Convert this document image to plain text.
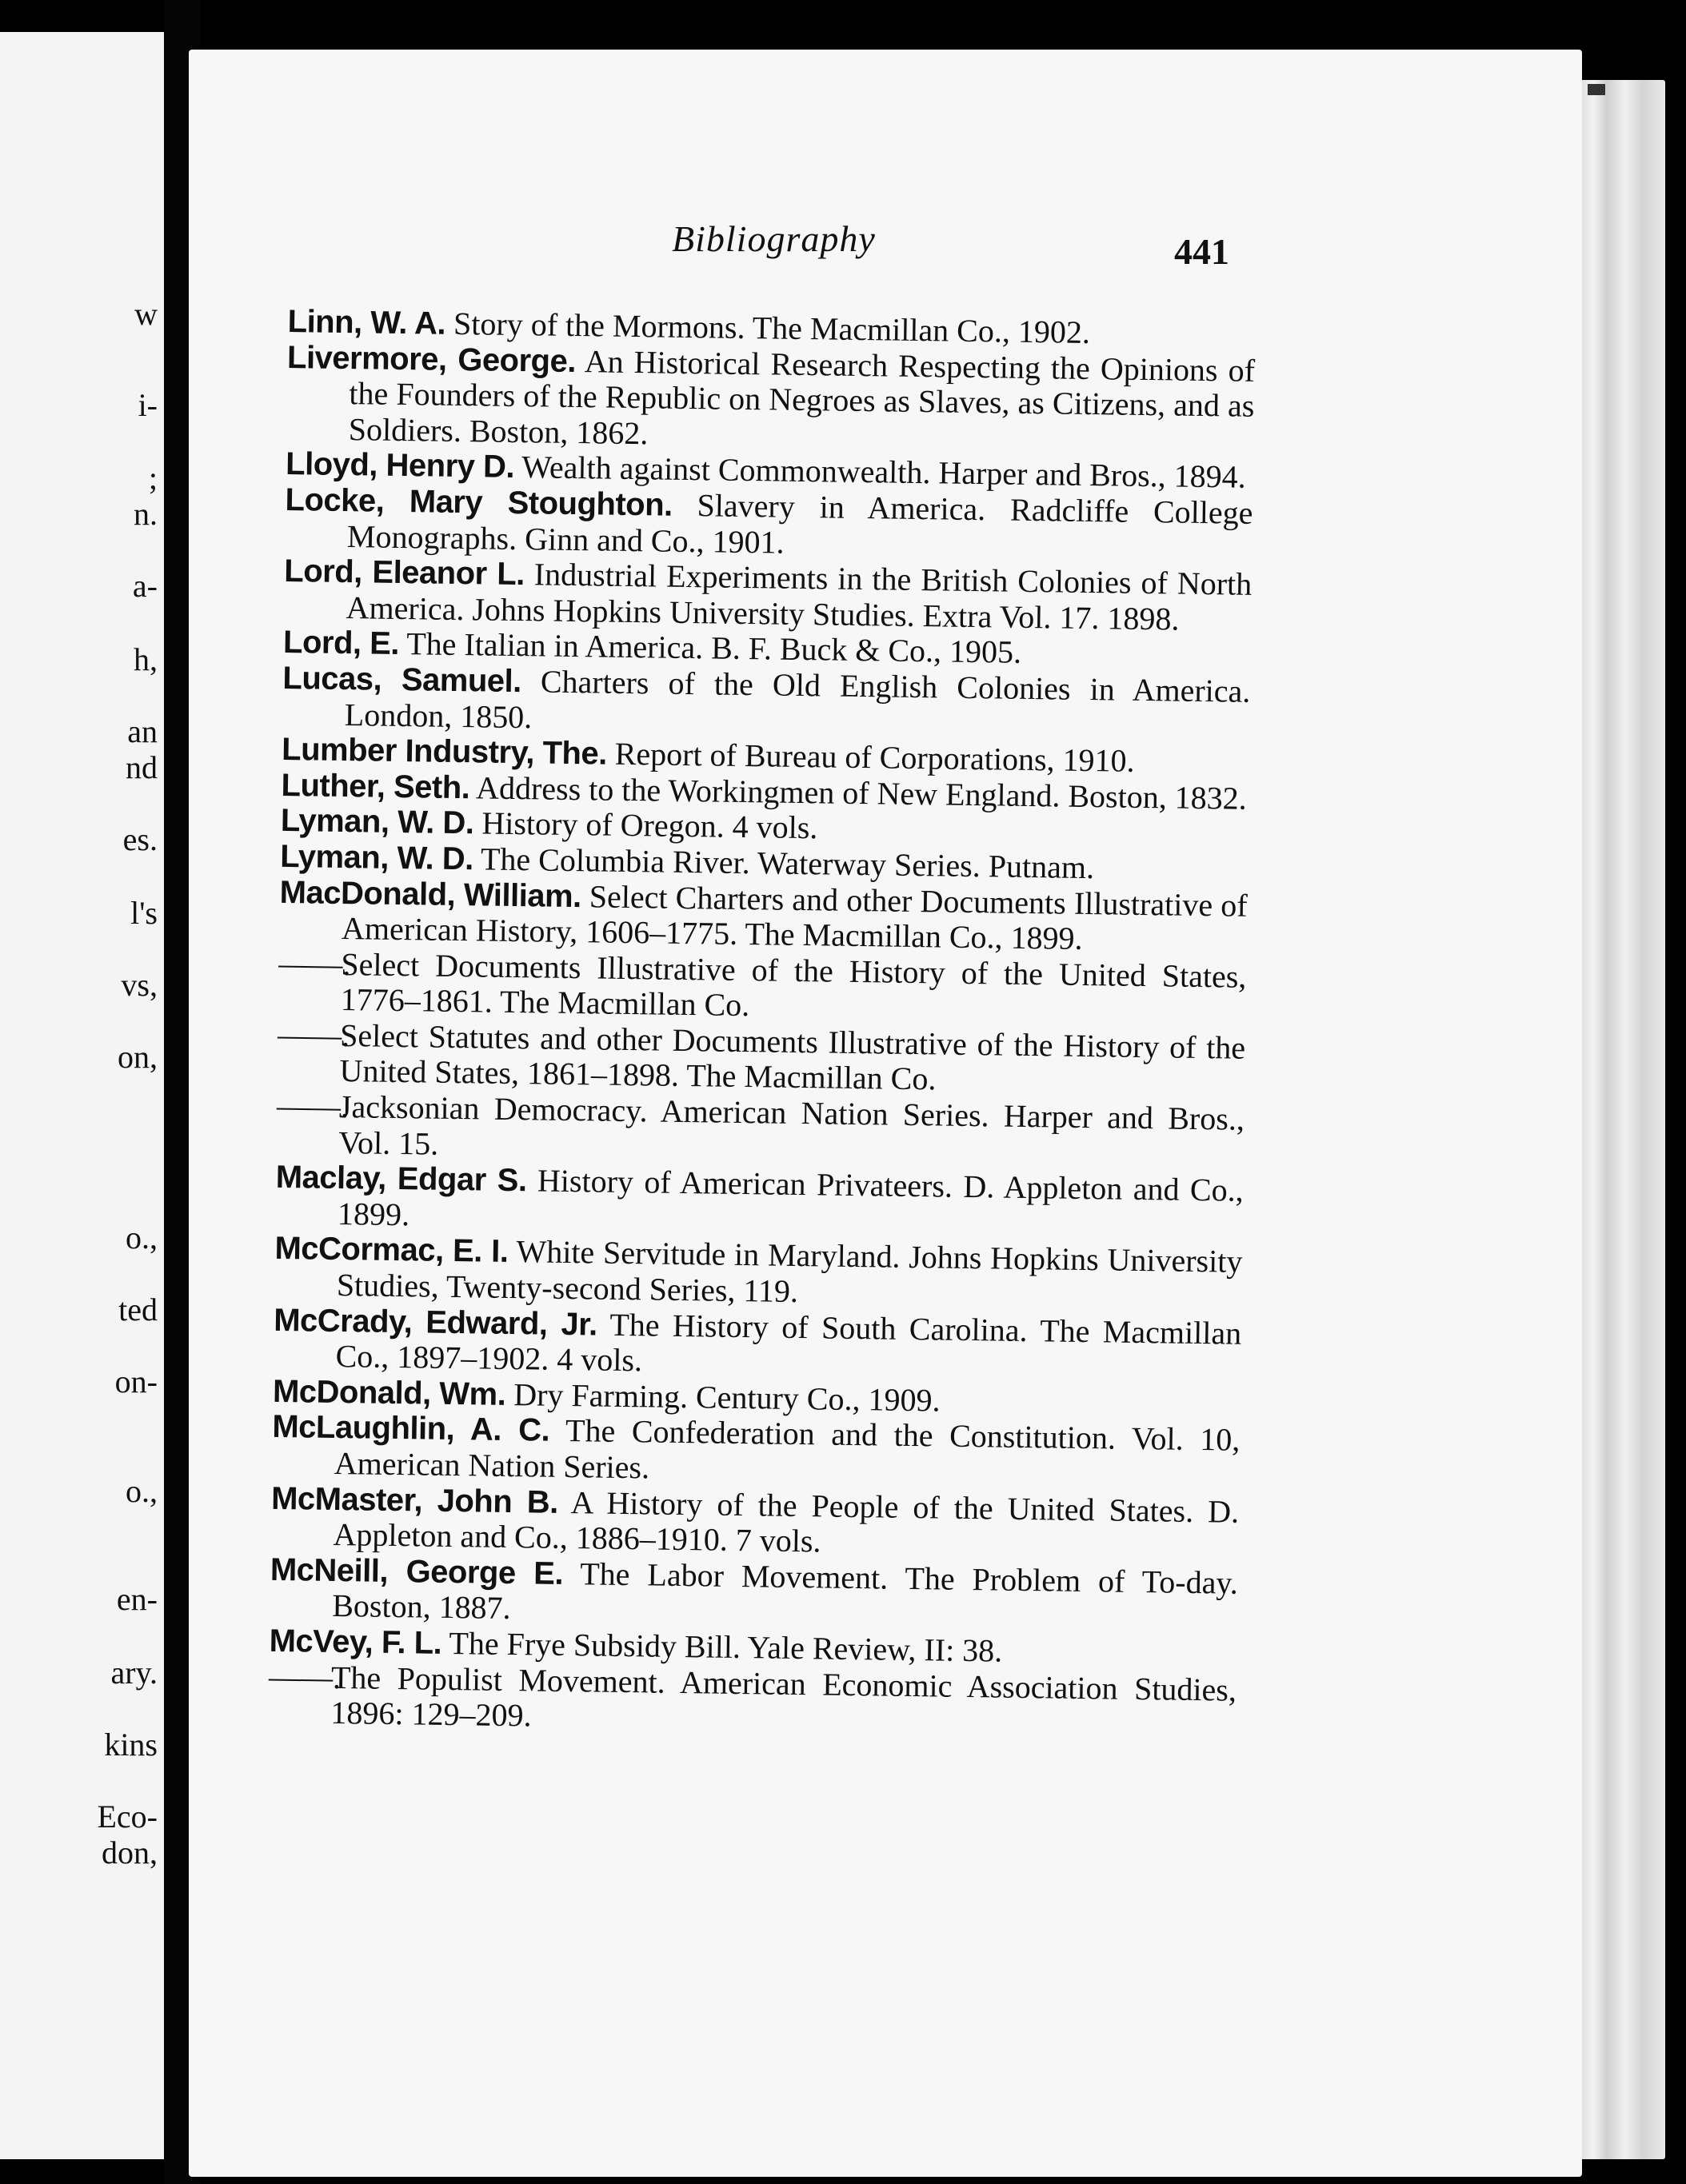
w
i-
;
n.
a-
h,
an
nd
es.
l's
vs,
on,
o.,
ted
on-
o.,
en-
ary.
kins
Eco-
don,
Bibliography	441

Linn, W. A. Story of the Mormons. The Macmillan Co., 1902.

Livermore, George. An Historical Research Respecting the Opinions of the Founders of the Republic on Negroes as Slaves, as Citizens, and as Soldiers. Boston, 1862.

Lloyd, Henry D. Wealth against Commonwealth. Harper and Bros., 1894.

Locke, Mary Stoughton. Slavery in America. Radcliffe College Monographs. Ginn and Co., 1901.

Lord, Eleanor L. Industrial Experiments in the British Colonies of North America. Johns Hopkins University Studies. Extra Vol. 17. 1898.

Lord, E. The Italian in America. B. F. Buck & Co., 1905.

Lucas, Samuel. Charters of the Old English Colonies in America. London, 1850.

Lumber Industry, The. Report of Bureau of Corporations, 1910.

Luther, Seth. Address to the Workingmen of New England. Boston, 1832.

Lyman, W. D. History of Oregon. 4 vols.

Lyman, W. D. The Columbia River. Waterway Series. Putnam.

MacDonald, William. Select Charters and other Documents Illustrative of American History, 1606–1775. The Macmillan Co., 1899.

——.Select Documents Illustrative of the History of the United States, 1776–1861. The Macmillan Co.

——.Select Statutes and other Documents Illustrative of the History of the United States, 1861–1898. The Macmillan Co.

——.Jacksonian Democracy. American Nation Series. Harper and Bros., Vol. 15.

Maclay, Edgar S. History of American Privateers. D. Appleton and Co., 1899.

McCormac, E. I. White Servitude in Maryland. Johns Hopkins University Studies, Twenty-second Series, 119.

McCrady, Edward, Jr. The History of South Carolina. The Macmillan Co., 1897–1902. 4 vols.

McDonald, Wm. Dry Farming. Century Co., 1909.

McLaughlin, A. C. The Confederation and the Constitution. Vol. 10, American Nation Series.

McMaster, John B. A History of the People of the United States. D. Appleton and Co., 1886–1910. 7 vols.

McNeill, George E. The Labor Movement. The Problem of To-day. Boston, 1887.

McVey, F. L. The Frye Subsidy Bill. Yale Review, II: 38.

——.The Populist Movement. American Economic Association Studies, 1896: 129–209.
